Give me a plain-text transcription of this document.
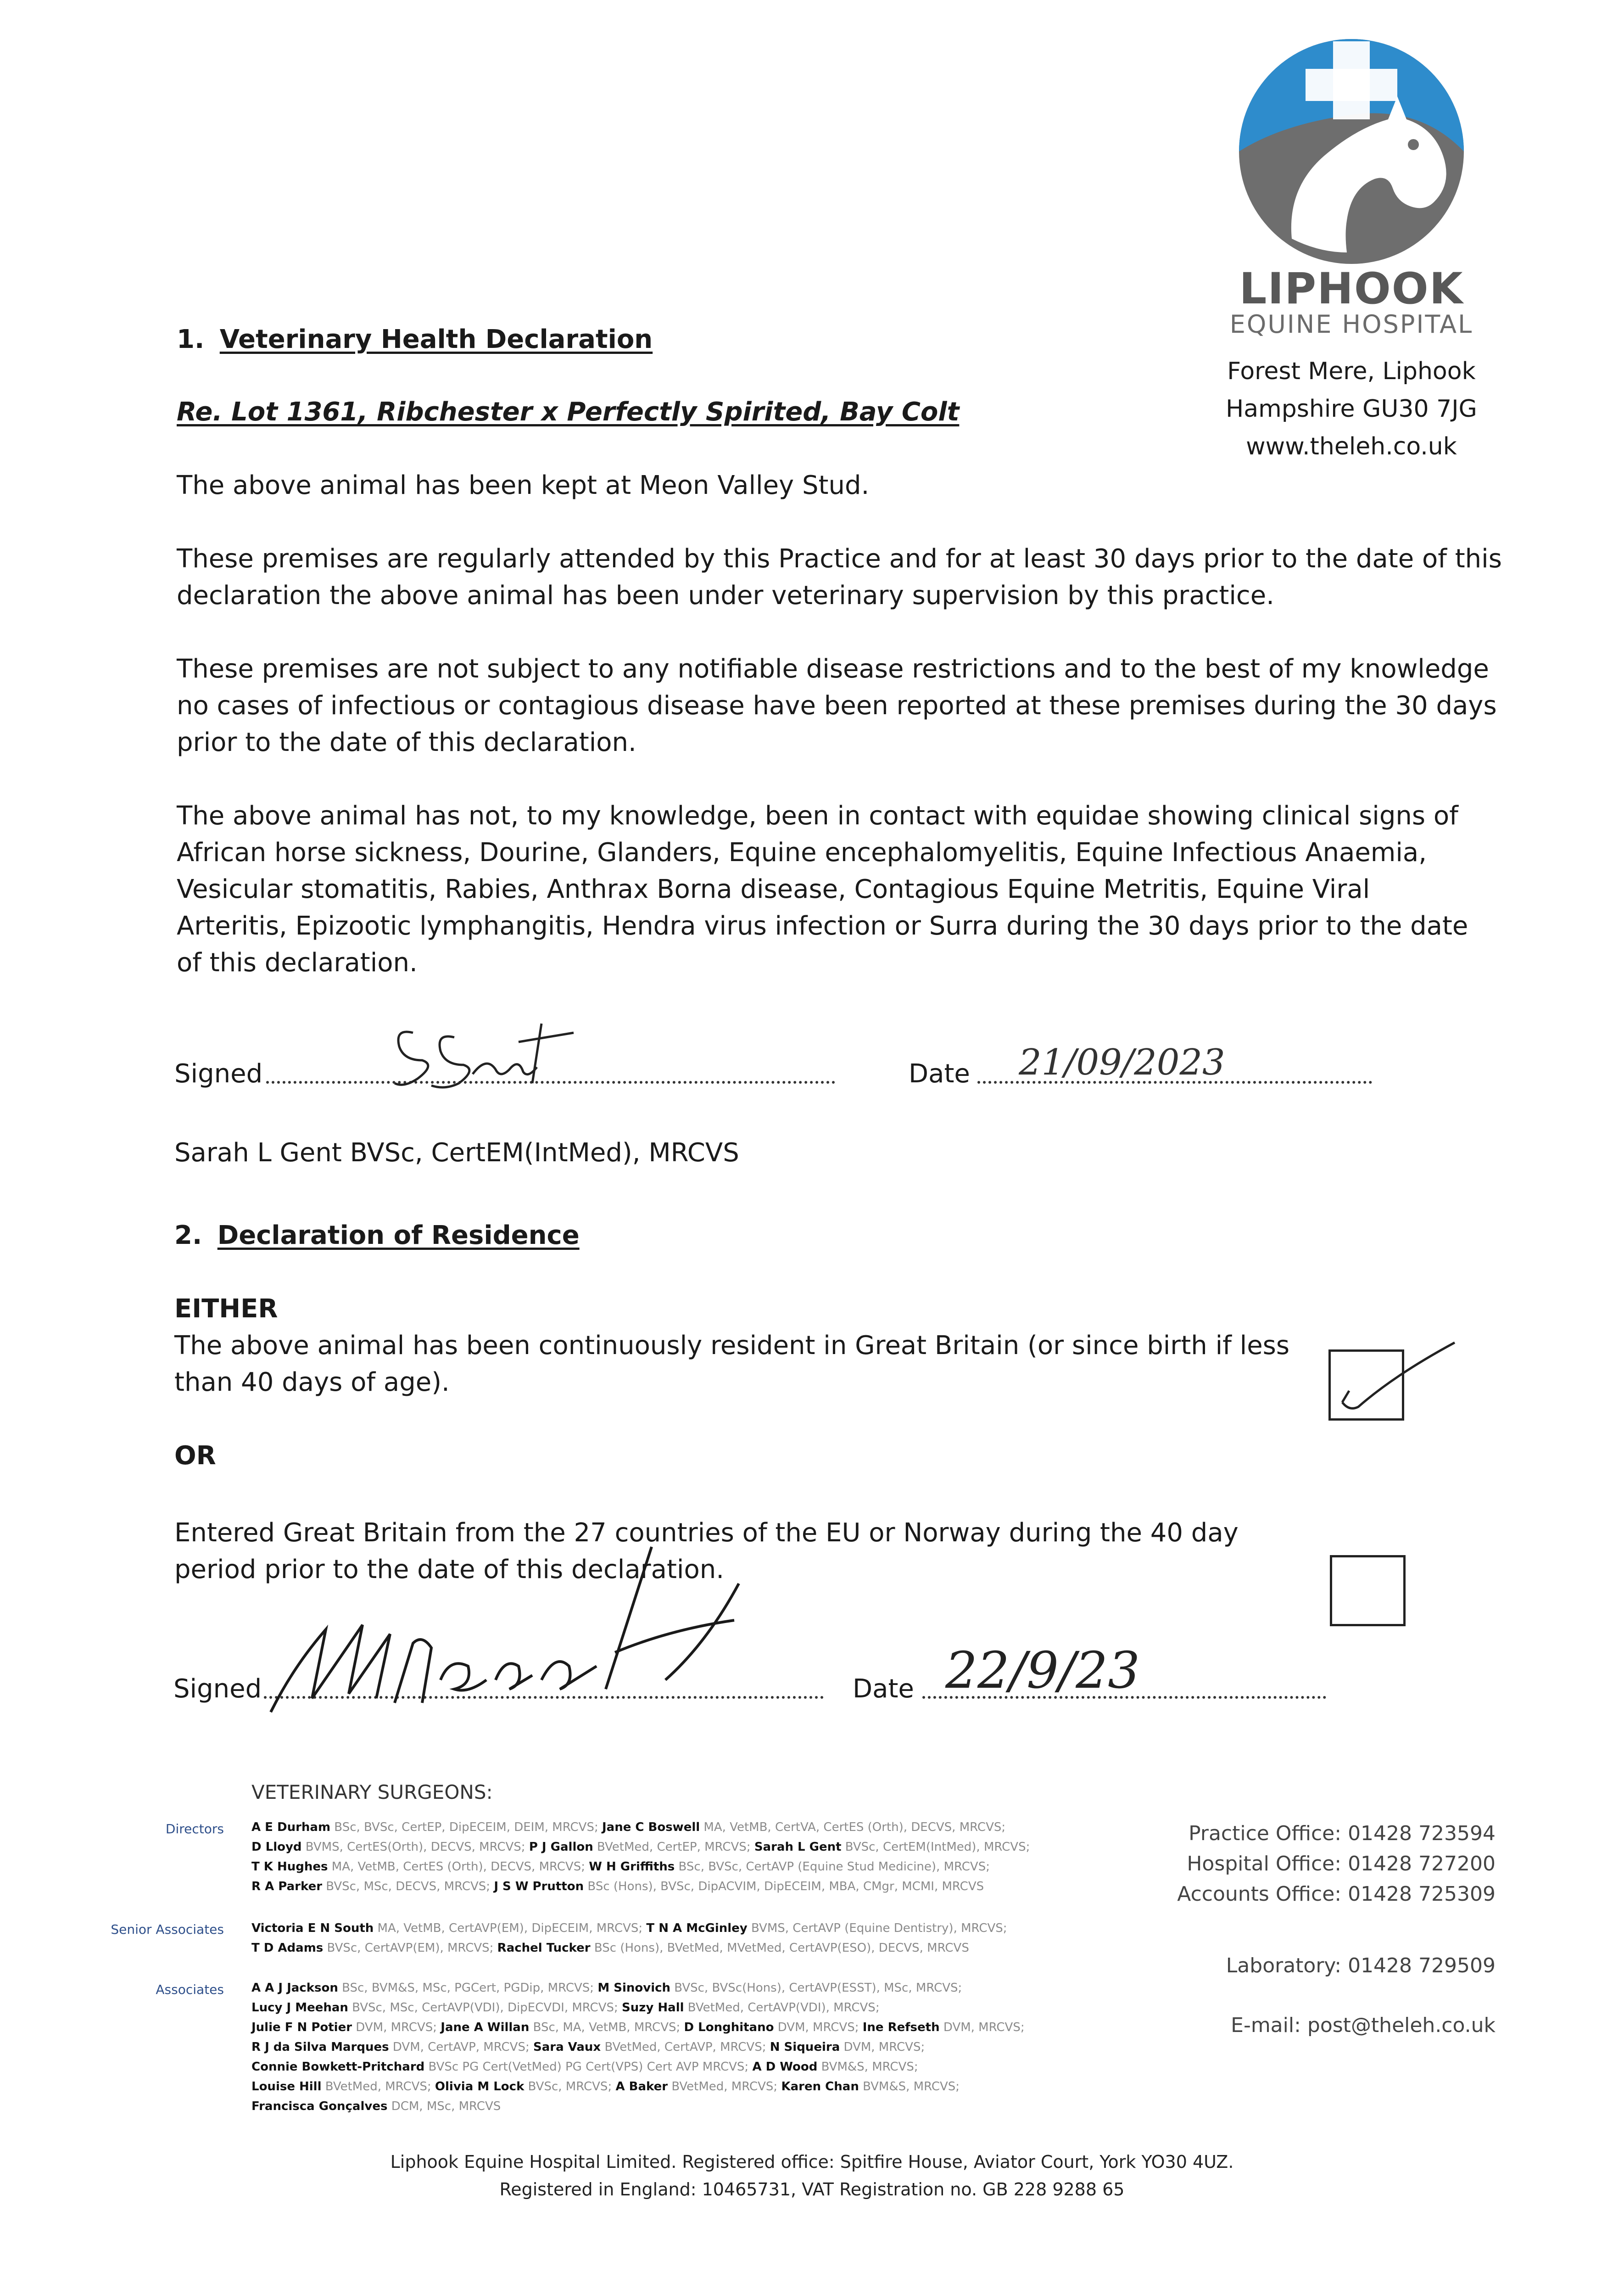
LIPHOOK
EQUINE HOSPITAL
Forest Mere, Liphook
Hampshire GU30 7JG
www.theleh.co.uk
1. Veterinary Health Declaration
Re. Lot 1361, Ribchester x Perfectly Spirited, Bay Colt
The above animal has been kept at Meon Valley Stud.
These premises are regularly attended by this Practice and for at least 30 days prior to the date of this declaration the above animal has been under veterinary supervision by this practice.
These premises are not subject to any notifiable disease restrictions and to the best of my knowledge no cases of infectious or contagious disease have been reported at these premises during the 30 days prior to the date of this declaration.
The above animal has not, to my knowledge, been in contact with equidae showing clinical signs of African horse sickness, Dourine, Glanders, Equine encephalomyelitis, Equine Infectious Anaemia, Vesicular stomatitis, Rabies, Anthrax Borna disease, Contagious Equine Metritis, Equine Viral Arteritis, Epizootic lymphangitis, Hendra virus infection or Surra during the 30 days prior to the date of this declaration.
Signed	Date 21/09/2023
Sarah L Gent BVSc, CertEM(IntMed), MRCVS
2. Declaration of Residence
EITHER
The above animal has been continuously resident in Great Britain (or since birth if less than 40 days of age).
OR
Entered Great Britain from the 27 countries of the EU or Norway during the 40 day period prior to the date of this declaration.
Signed	Date 22/9/23
VETERINARY SURGEONS:
Directors A E Durham BSc, BVSc, CertEP, DipECEIM, DEIM, MRCVS; Jane C Boswell MA, VetMB, CertVA, CertES (Orth), DECVS, MRCVS;
D Lloyd BVMS, CertES(Orth), DECVS, MRCVS; P J Gallon BVetMed, CertEP, MRCVS; Sarah L Gent BVSc, CertEM(IntMed), MRCVS;
T K Hughes MA, VetMB, CertES (Orth), DECVS, MRCVS; W H Griffiths BSc, BVSc, CertAVP (Equine Stud Medicine), MRCVS;
R A Parker BVSc, MSc, DECVS, MRCVS; J S W Prutton BSc (Hons), BVSc, DipACVIM, DipECEIM, MBA, CMgr, MCMI, MRCVS
Senior Associates Victoria E N South MA, VetMB, CertAVP(EM), DipECEIM, MRCVS; T N A McGinley BVMS, CertAVP (Equine Dentistry), MRCVS;
T D Adams BVSc, CertAVP(EM), MRCVS; Rachel Tucker BSc (Hons), BVetMed, MVetMed, CertAVP(ESO), DECVS, MRCVS
Associates A A J Jackson BSc, BVM&S, MSc, PGCert, PGDip, MRCVS; M Sinovich BVSc, BVSc(Hons), CertAVP(ESST), MSc, MRCVS;
Lucy J Meehan BVSc, MSc, CertAVP(VDI), DipECVDI, MRCVS; Suzy Hall BVetMed, CertAVP(VDI), MRCVS;
Julie F N Potier DVM, MRCVS; Jane A Willan BSc, MA, VetMB, MRCVS; D Longhitano DVM, MRCVS; Ine Refseth DVM, MRCVS;
R J da Silva Marques DVM, CertAVP, MRCVS; Sara Vaux BVetMed, CertAVP, MRCVS; N Siqueira DVM, MRCVS;
Connie Bowkett-Pritchard BVSc PG Cert(VetMed) PG Cert(VPS) Cert AVP MRCVS; A D Wood BVM&S, MRCVS;
Louise Hill BVetMed, MRCVS; Olivia M Lock BVSc, MRCVS; A Baker BVetMed, MRCVS; Karen Chan BVM&S, MRCVS;
Francisca Gonçalves DCM, MSc, MRCVS
Practice Office: 01428 723594
Hospital Office: 01428 727200
Accounts Office: 01428 725309
Laboratory: 01428 729509
E-mail: post@theleh.co.uk
Liphook Equine Hospital Limited. Registered office: Spitfire House, Aviator Court, York YO30 4UZ.
Registered in England: 10465731, VAT Registration no. GB 228 9288 65
